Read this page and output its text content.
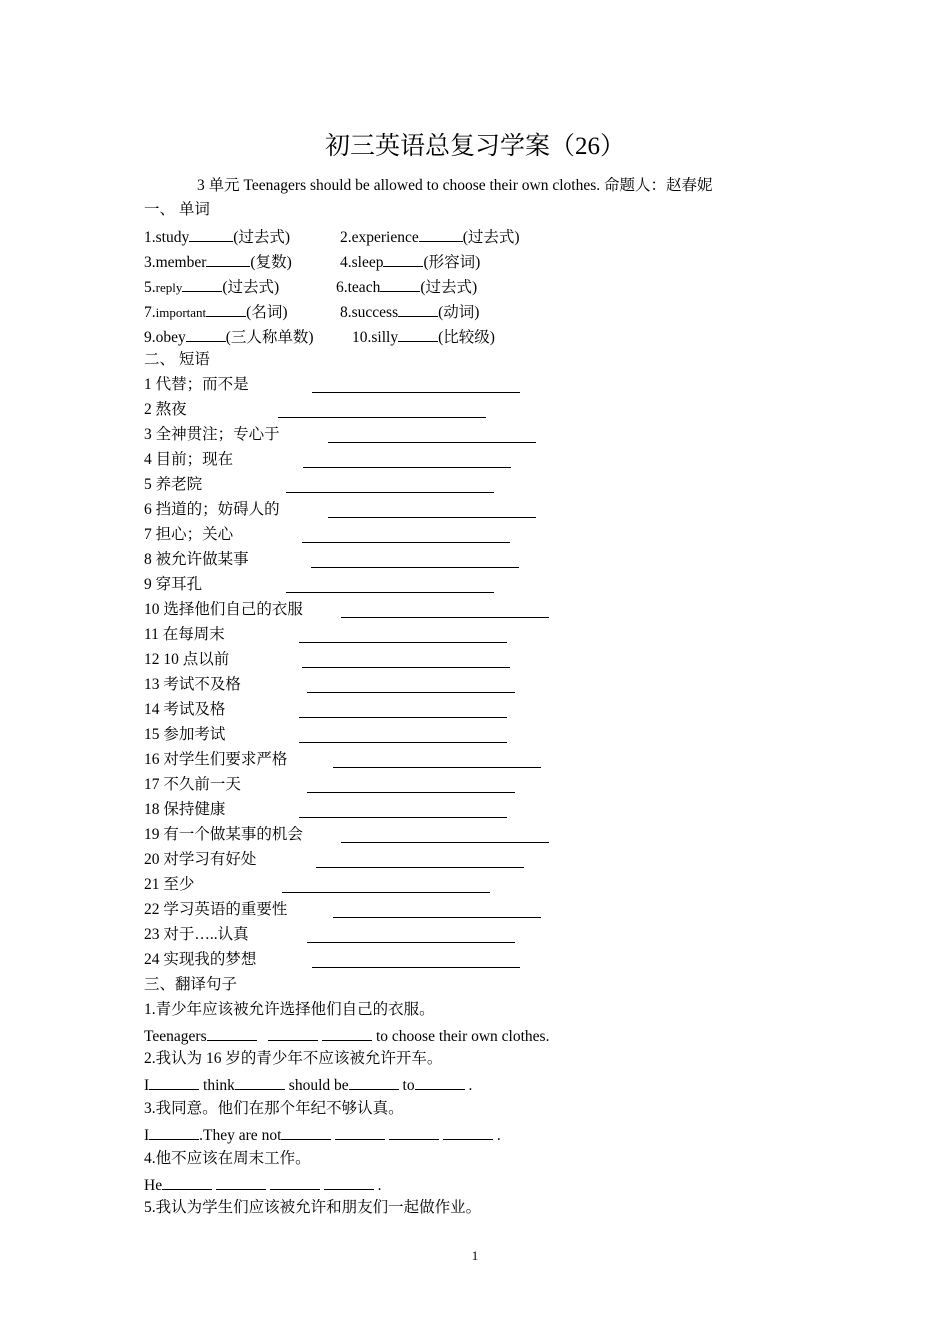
初三英语总复习学案（26）
3 单元 Teenagers should be allowed to choose their own clothes. 命题人：赵春妮
一、 单词
1.study	(过去式)	2.experience	(过去式)
3.member	(复数)	4.sleep	(形容词)
5.reply	(过去式)	6.teach	(过去式)
7.important	(名词)	8.success	(动词)
9.obey	(三人称单数) 10.silly	(比较级)
二、 短语
1 代替；而不是
2 熬夜
3 全神贯注；专心于
4 目前；现在
5 养老院
6 挡道的；妨碍人的
7 担心；关心
8 被允许做某事
9 穿耳孔
10 选择他们自己的衣服
11 在每周末
12 10 点以前
13 考试不及格
14 考试及格
15 参加考试
16 对学生们要求严格
17 不久前一天
18 保持健康
19 有一个做某事的机会
20 对学习有好处
21 至少
22 学习英语的重要性
23 对于…..认真
24 实现我的梦想
三、翻译句子
1.青少年应该被允许选择他们自己的衣服。
Teenagers	to choose their own clothes.
2.我认为 16 岁的青少年不应该被允许开车。
I	think	should be	to	.
3.我同意。他们在那个年纪不够认真。
I	.They are not	.
4.他不应该在周末工作。
He	.
5.我认为学生们应该被允许和朋友们一起做作业。
1
